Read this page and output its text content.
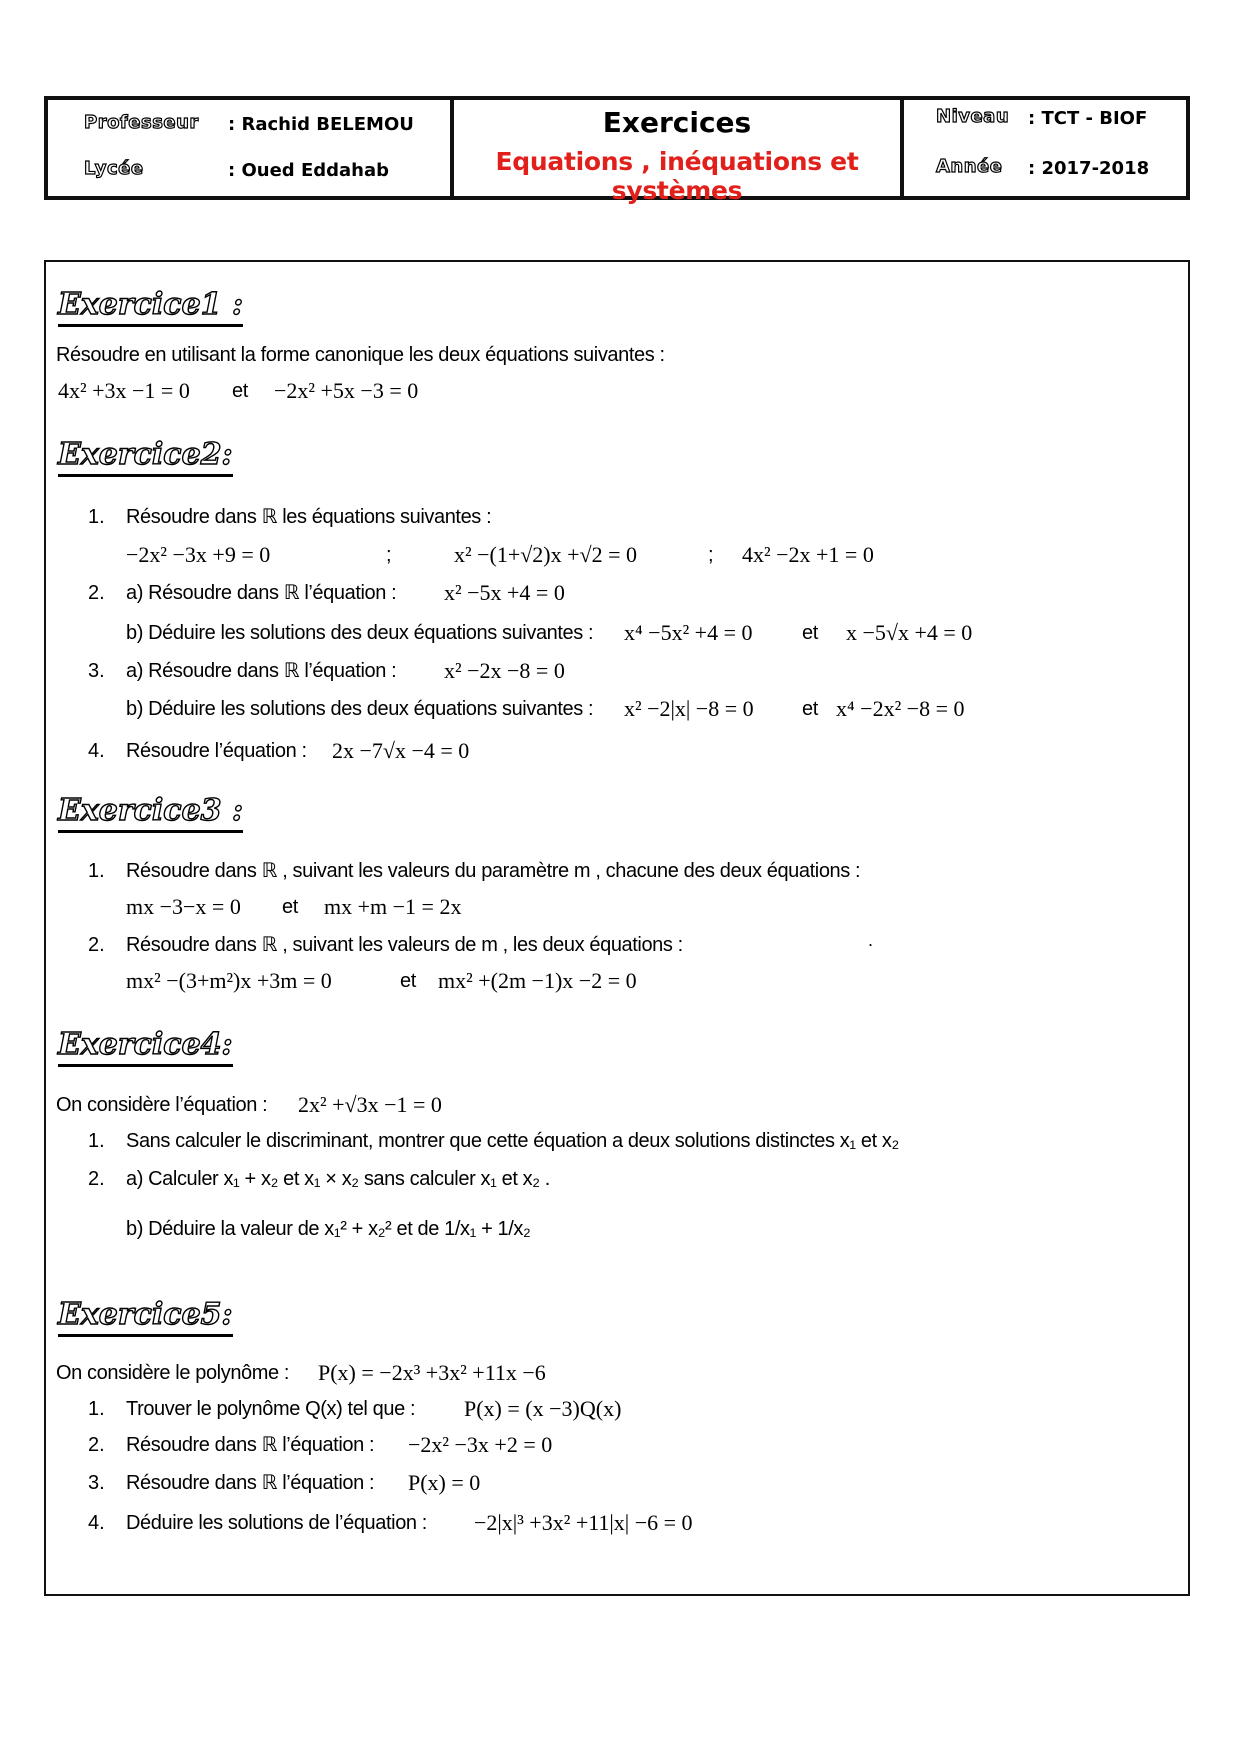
Professeur : Rachid BELEMOU
Lycée	: Oued Eddahab
Exercices
Equations , inéquations et systèmes
Niveau : TCT - BIOF
Année : 2017-2018
Exercice1 :
Résoudre en utilisant la forme canonique les deux équations suivantes :
4x² +3x −1 = 0 et −2x² +5x −3 = 0
Exercice2:
1. Résoudre dans ℝ les équations suivantes :
−2x² −3x +9 = 0	;	x² −(1+√2)x +√2 = 0	; 4x² −2x +1 = 0
2. a) Résoudre dans ℝ l’équation : x² −5x +4 = 0
b) Déduire les solutions des deux équations suivantes : x⁴ −5x² +4 = 0 et x −5√x +4 = 0
3. a) Résoudre dans ℝ l’équation : x² −2x −8 = 0
b) Déduire les solutions des deux équations suivantes : x² −2|x| −8 = 0 et x⁴ −2x² −8 = 0
4. Résoudre l’équation : 2x −7√x −4 = 0
Exercice3 :
1. Résoudre dans ℝ , suivant les valeurs du paramètre m , chacune des deux équations :
mx −3−x = 0 et mx +m −1 = 2x
2. Résoudre dans ℝ , suivant les valeurs de m , les deux équations :
mx² −(3+m²)x +3m = 0	et mx² +(2m −1)x −2 = 0
.
Exercice4:
On considère l’équation : 2x² +√3x −1 = 0
1. Sans calculer le discriminant, montrer que cette équation a deux solutions distinctes x₁ et x₂
2. a) Calculer x₁ + x₂ et x₁ × x₂ sans calculer x₁ et x₂ .
b) Déduire la valeur de x₁² + x₂² et de 1/x₁ + 1/x₂
Exercice5:
On considère le polynôme : P(x) = −2x³ +3x² +11x −6
1. Trouver le polynôme Q(x) tel que : P(x) = (x −3)Q(x)
2. Résoudre dans ℝ l’équation : −2x² −3x +2 = 0
3. Résoudre dans ℝ l’équation : P(x) = 0
4. Déduire les solutions de l’équation : −2|x|³ +3x² +11|x| −6 = 0
